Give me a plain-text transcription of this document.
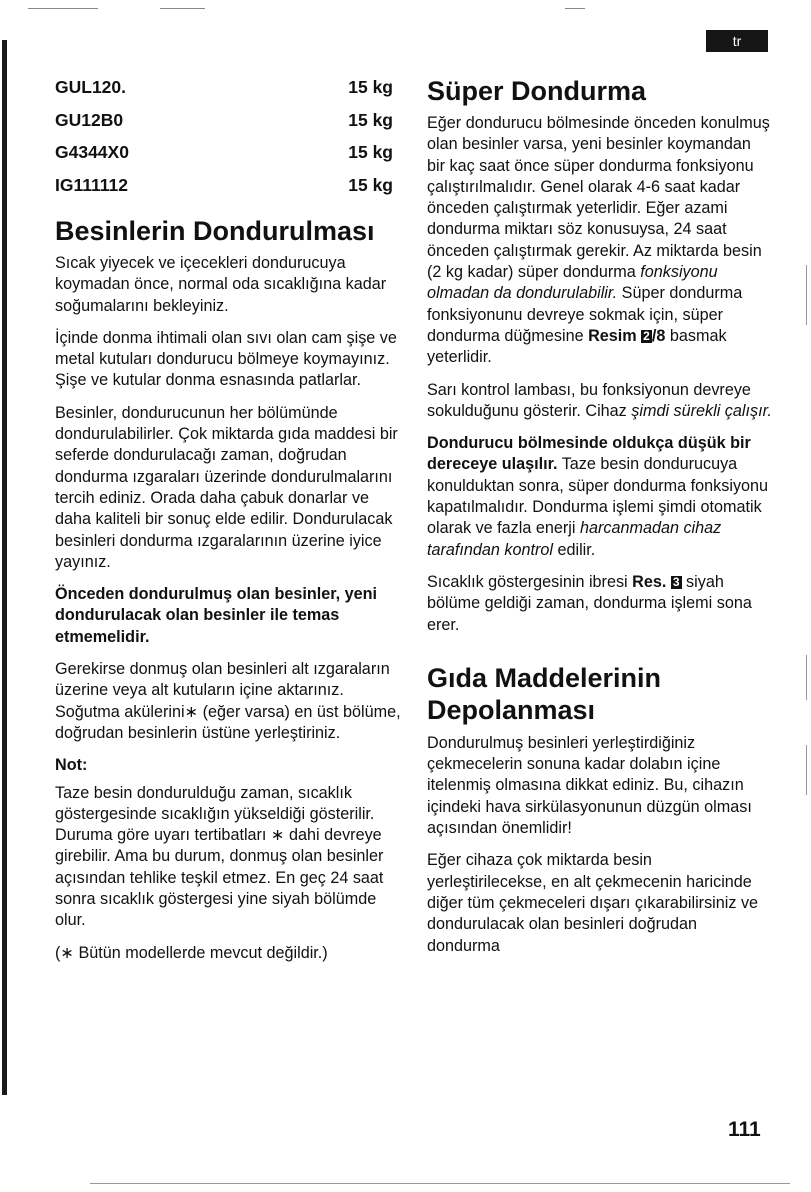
tr
GUL120.	15 kg
GU12B0	15 kg
G4344X0	15 kg
IG111112	15 kg
Besinlerin Dondurulması

Sıcak yiyecek ve içecekleri dondurucuya koymadan önce, normal oda sıcaklığına kadar soğumalarını bekleyiniz.

İçinde donma ihtimali olan sıvı olan cam şişe ve metal kutuları dondurucu bölmeye koymayınız. Şişe ve kutular donma esnasında patlarlar.

Besinler, dondurucunun her bölümünde dondurulabilirler. Çok miktarda gıda maddesi bir seferde dondurulacağı zaman, doğrudan dondurma ızgaraları üzerinde dondurulmalarını tercih ediniz. Orada daha çabuk donarlar ve daha kaliteli bir sonuç elde edilir. Dondurulacak besinleri dondurma ızgaralarının üzerine iyice yayınız.

Önceden dondurulmuş olan besinler, yeni dondurulacak olan besinler ile temas etmemelidir.

Gerekirse donmuş olan besinleri alt ızgaraların üzerine veya alt kutuların içine aktarınız. Soğutma akülerini∗ (eğer varsa) en üst bölüme, doğrudan besinlerin üstüne yerleştiriniz.

Not:

Taze besin dondurulduğu zaman, sıcaklık göstergesinde sıcaklığın yükseldiği gösterilir. Duruma göre uyarı tertibatları ∗ dahi devreye girebilir. Ama bu durum, donmuş olan besinler açısından tehlike teşkil etmez. En geç 24 saat sonra sıcaklık göstergesi yine siyah bölümde olur.

(∗ Bütün modellerde mevcut değildir.)

Süper Dondurma

Eğer dondurucu bölmesinde önceden konulmuş olan besinler varsa, yeni besinler koymandan bir kaç saat önce süper dondurma fonksiyonu çalıştırılmalıdır. Genel olarak 4-6 saat kadar önceden çalıştırmak yeterlidir. Eğer azami dondurma miktarı söz konusuysa, 24 saat önceden çalıştırmak gerekir. Az miktarda besin (2 kg kadar) süper dondurma fonksiyonu olmadan da dondurulabilir. Süper dondurma fonksiyonunu devreye sokmak için, süper dondurma düğmesine Resim 2 /8 basmak yeterlidir.

Sarı kontrol lambası, bu fonksiyonun devreye sokulduğunu gösterir. Cihaz şimdi sürekli çalışır.

Dondurucu bölmesinde oldukça düşük bir dereceye ulaşılır. Taze besin dondurucuya konulduktan sonra, süper dondurma fonksiyonu kapatılmalıdır. Dondurma işlemi şimdi otomatik olarak ve fazla enerji harcanmadan cihaz tarafından kontrol edilir.

Sıcaklık göstergesinin ibresi Res. 3 siyah bölüme geldiği zaman, dondurma işlemi sona erer.

Gıda Maddelerinin Depolanması

Dondurulmuş besinleri yerleştirdiğiniz çekmecelerin sonuna kadar dolabın içine itelenmiş olmasına dikkat ediniz. Bu, cihazın içindeki hava sirkülasyonunun düzgün olması açısından önemlidir!

Eğer cihaza çok miktarda besin yerleştirilecekse, en alt çekmecenin haricinde diğer tüm çekmeceleri dışarı çıkarabilirsiniz ve dondurulacak olan besinleri doğrudan dondurma

111
